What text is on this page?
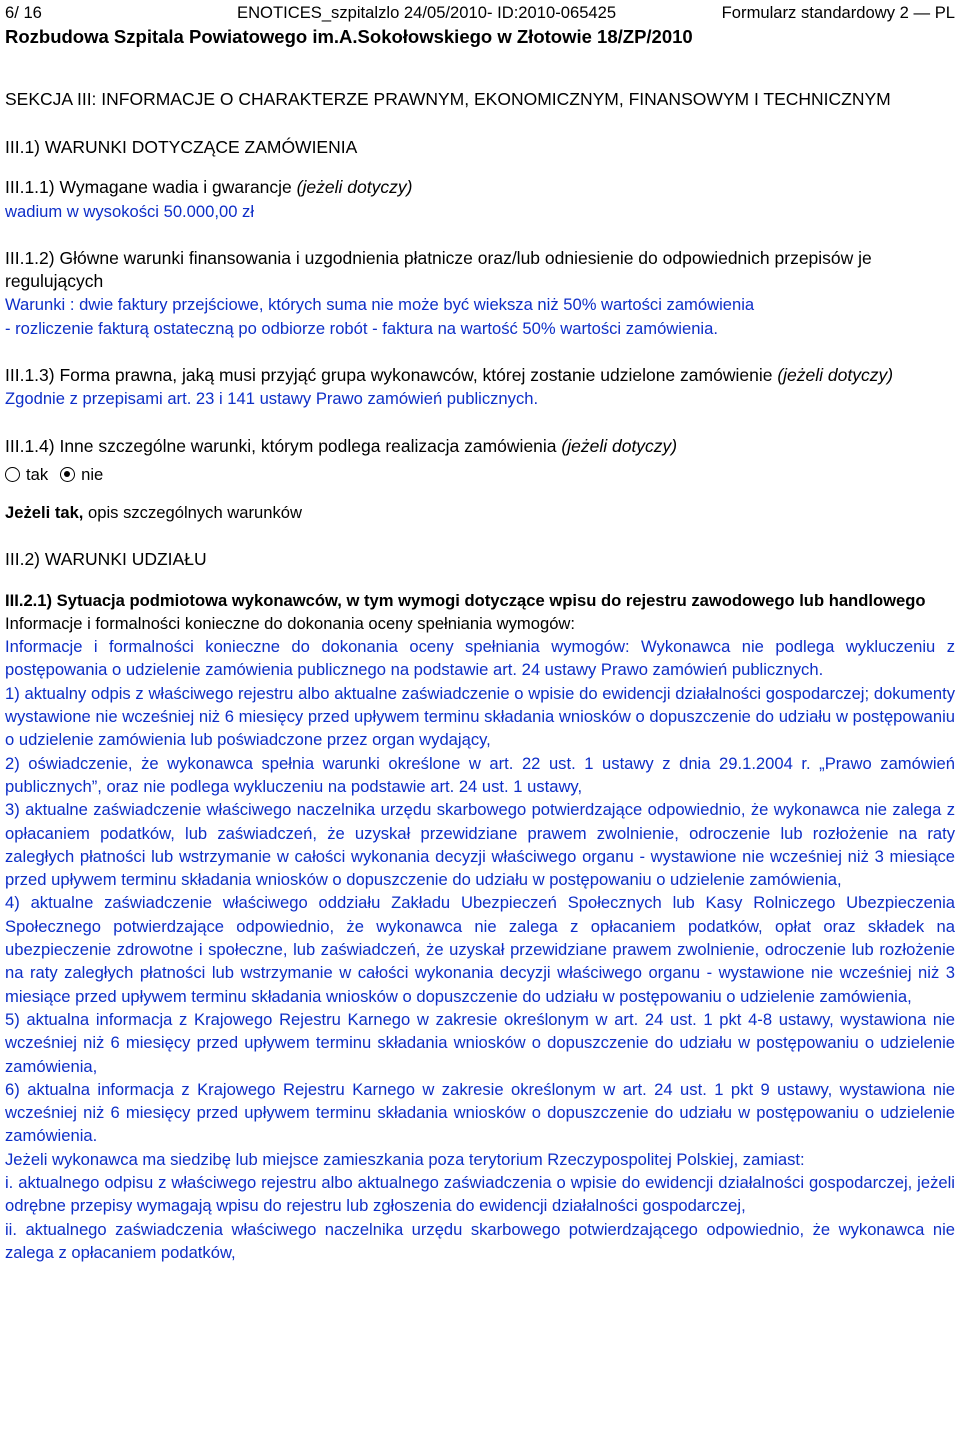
6/ 16	ENOTICES_szpitalzlo 24/05/2010- ID:2010-065425	Formularz standardowy 2 — PL
Rozbudowa Szpitala Powiatowego im.A.Sokołowskiego w Złotowie 18/ZP/2010
SEKCJA III: INFORMACJE O CHARAKTERZE PRAWNYM, EKONOMICZNYM, FINANSOWYM I TECHNICZNYM
III.1) WARUNKI DOTYCZĄCE ZAMÓWIENIA
III.1.1) Wymagane wadia i gwarancje (jeżeli dotyczy)
wadium w wysokości 50.000,00 zł
III.1.2) Główne warunki finansowania i uzgodnienia płatnicze oraz/lub odniesienie do odpowiednich przepisów je regulujących

Warunki : dwie faktury przejściowe, których suma nie może być wieksza niż 50% wartości zamówienia

- rozliczenie fakturą ostateczną po odbiorze robót - faktura na wartość 50% wartości zamówienia.

III.1.3) Forma prawna, jaką musi przyjąć grupa wykonawców, której zostanie udzielone zamówienie (jeżeli dotyczy)
Zgodnie z przepisami art. 23 i 141 ustawy Prawo zamówień publicznych.
III.1.4) Inne szczególne warunki, którym podlega realizacja zamówienia (jeżeli dotyczy)
tak nie
Jeżeli tak, opis szczególnych warunków
III.2) WARUNKI UDZIAŁU
III.2.1) Sytuacja podmiotowa wykonawców, w tym wymogi dotyczące wpisu do rejestru zawodowego lub handlowego
Informacje i formalności konieczne do dokonania oceny spełniania wymogów:

Informacje i formalności konieczne do dokonania oceny spełniania wymogów: Wykonawca nie podlega wykluczeniu z postępowania o udzielenie zamówienia publicznego na podstawie art. 24 ustawy Prawo zamówień publicznych.

1) aktualny odpis z właściwego rejestru albo aktualne zaświadczenie o wpisie do ewidencji działalności gospodarczej; dokumenty wystawione nie wcześniej niż 6 miesięcy przed upływem terminu składania wniosków o dopuszczenie do udziału w postępowaniu o udzielenie zamówienia lub poświadczone przez organ wydający,

2) oświadczenie, że wykonawca spełnia warunki określone w art. 22 ust. 1 ustawy z dnia 29.1.2004 r. „Prawo zamówień publicznych”, oraz nie podlega wykluczeniu na podstawie art. 24 ust. 1 ustawy,

3) aktualne zaświadczenie właściwego naczelnika urzędu skarbowego potwierdzające odpowiednio, że wykonawca nie zalega z opłacaniem podatków, lub zaświadczeń, że uzyskał przewidziane prawem zwolnienie, odroczenie lub rozłożenie na raty zaległych płatności lub wstrzymanie w całości wykonania decyzji właściwego organu - wystawione nie wcześniej niż 3 miesiące przed upływem terminu składania wniosków o dopuszczenie do udziału w postępowaniu o udzielenie zamówienia,

4) aktualne zaświadczenie właściwego oddziału Zakładu Ubezpieczeń Społecznych lub Kasy Rolniczego Ubezpieczenia Społecznego potwierdzające odpowiednio, że wykonawca nie zalega z opłacaniem podatków, opłat oraz składek na ubezpieczenie zdrowotne i społeczne, lub zaświadczeń, że uzyskał przewidziane prawem zwolnienie, odroczenie lub rozłożenie na raty zaległych płatności lub wstrzymanie w całości wykonania decyzji właściwego organu - wystawione nie wcześniej niż 3 miesiące przed upływem terminu składania wniosków o dopuszczenie do udziału w postępowaniu o udzielenie zamówienia,

5) aktualna informacja z Krajowego Rejestru Karnego w zakresie określonym w art. 24 ust. 1 pkt 4-8 ustawy, wystawiona nie wcześniej niż 6 miesięcy przed upływem terminu składania wniosków o dopuszczenie do udziału w postępowaniu o udzielenie zamówienia,

6) aktualna informacja z Krajowego Rejestru Karnego w zakresie określonym w art. 24 ust. 1 pkt 9 ustawy, wystawiona nie wcześniej niż 6 miesięcy przed upływem terminu składania wniosków o dopuszczenie do udziału w postępowaniu o udzielenie zamówienia.

Jeżeli wykonawca ma siedzibę lub miejsce zamieszkania poza terytorium Rzeczypospolitej Polskiej, zamiast:

i. aktualnego odpisu z właściwego rejestru albo aktualnego zaświadczenia o wpisie do ewidencji działalności gospodarczej, jeżeli odrębne przepisy wymagają wpisu do rejestru lub zgłoszenia do ewidencji działalności gospodarczej,

ii. aktualnego zaświadczenia właściwego naczelnika urzędu skarbowego potwierdzającego odpowiednio, że wykonawca nie zalega z opłacaniem podatków,
